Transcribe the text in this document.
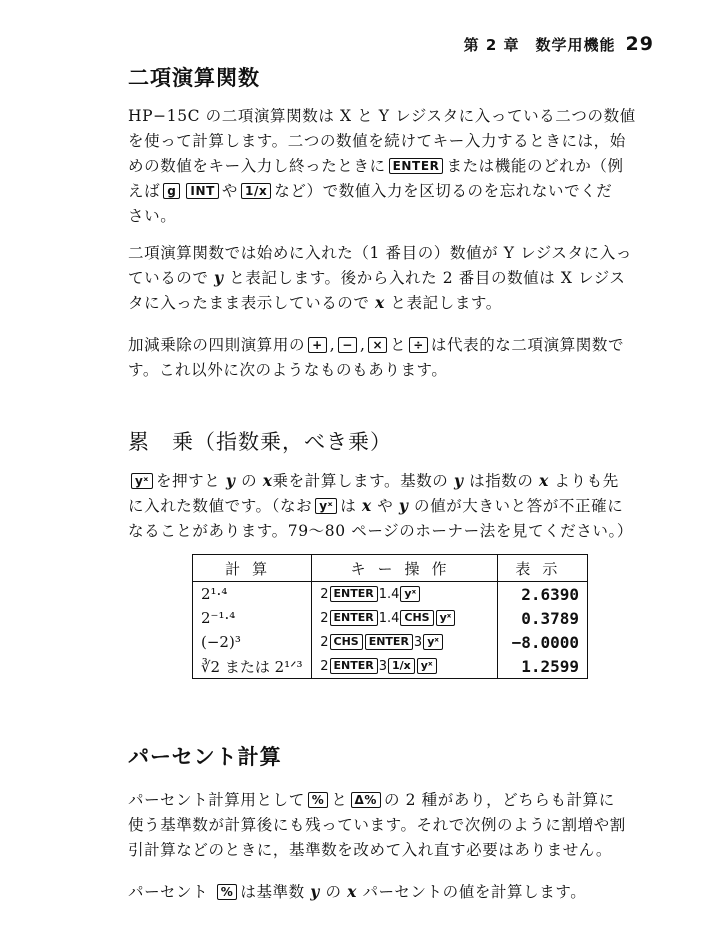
第 2 章　数学用機能 29
二項演算関数

HP−15C の二項演算関数は X と Y レジスタに入っている二つの数値

を使って計算します。二つの数値を続けてキー入力するときには，始

めの数値をキー入力し終ったときに ENTER または機能のどれか（例

えば g INT や 1/x など）で数値入力を区切るのを忘れないでくだ

さい。

二項演算関数では始めに入れた（1 番目の）数値が Y レジスタに入っ

ているので y と表記します。後から入れた 2 番目の数値は X レジス

タに入ったまま表示しているので x と表記します。

加減乗除の四則演算用の + , − , × と ÷ は代表的な二項演算関数で

す。これ以外に次のようなものもあります。

累　乗（指数乗，べき乗）

yˣ を押すと y の x乗を計算します。基数の y は指数の x よりも先

に入れた数値です。（なお yˣ は x や y の値が大きいと答が不正確に

なることがあります。79～80 ページのホーナー法を見てください。）

計算	キー操作	表示
2¹·⁴	2 ENTER 1.4 yˣ	2.6390
2⁻¹·⁴	2 ENTER 1.4 CHS yˣ	0.3789
(−2)³	2 CHS ENTER 3 yˣ	−8.0000
∛2 または 2¹ᐟ³	2 ENTER 3 1/x yˣ	1.2599
パーセント計算

パーセント計算用として % と Δ% の 2 種があり，どちらも計算に

使う基準数が計算後にも残っています。それで次例のように割増や割

引計算などのときに，基準数を改めて入れ直す必要はありません。

パーセント % は基準数 y の x パーセントの値を計算します。
